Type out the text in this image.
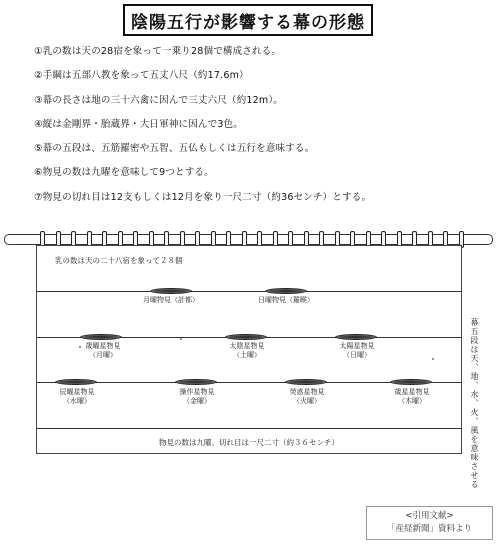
陰陽五行が影響する幕の形態
①乳の数は天の28宿を象って一乗り28個で構成される。
②手綱は五部八教を象って五丈八尺（約17.6m）
③幕の長さは地の三十六禽に因んで三丈六尺（約12m）。
④縦は金剛界・胎蔵界・大日軍神に因んで3色。
⑤幕の五段は、五筋羅密や五智、五仏もしくは五行を意味する。
⑥物見の数は九曜を意味して9つとする。
⑦物見の切れ目は12支もしくは12月を象り一尺二寸（約36センチ）とする。
乳の数は天の二十八宿を象って２８個
月曜物見（計都）	日曜物見（羅睺）
歳曜星物見
（月曜）
太陰星物見
（土曜）
太陽星物見
（日曜）
辰曜星物見
（水曜）
操作星物見
（金曜）
熒惑星物見
（火曜）
歳星星物見
（木曜）
物見の数は九曜、切れ目は一尺二寸（約３６センチ）	幕五段は天、地、水、火、風を意味させる
<引用文献>
「産経新聞」資料より
